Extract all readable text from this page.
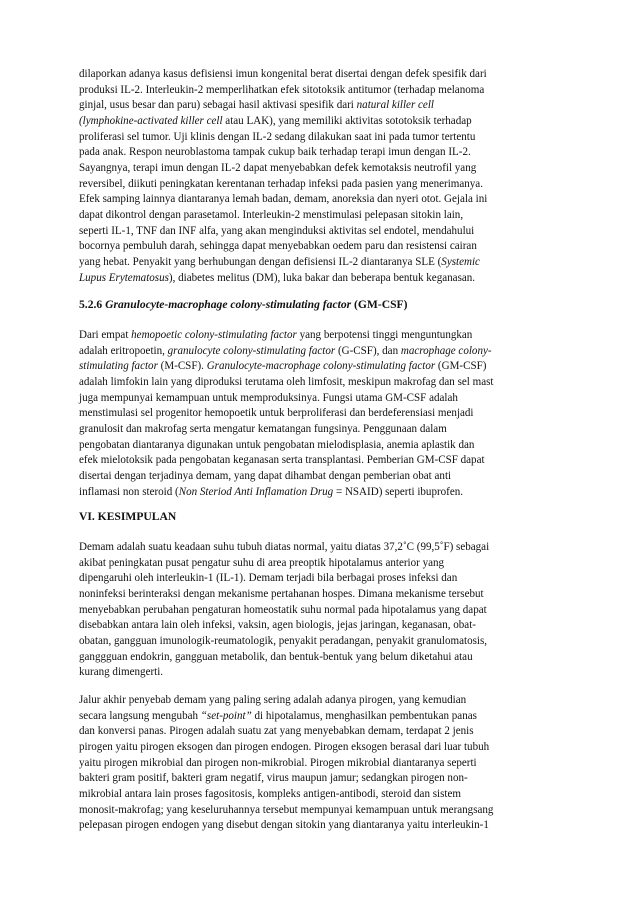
dilaporkan adanya kasus defisiensi imun kongenital berat disertai dengan defek spesifik dari
produksi IL-2. Interleukin-2 memperlihatkan efek sitotoksik antitumor (terhadap melanoma
ginjal, usus besar dan paru) sebagai hasil aktivasi spesifik dari natural killer cell
(lymphokine-activated killer cell atau LAK), yang memiliki aktivitas sototoksik terhadap
proliferasi sel tumor. Uji klinis dengan IL-2 sedang dilakukan saat ini pada tumor tertentu
pada anak. Respon neuroblastoma tampak cukup baik terhadap terapi imun dengan IL-2.
Sayangnya, terapi imun dengan IL-2 dapat menyebabkan defek kemotaksis neutrofil yang
reversibel, diikuti peningkatan kerentanan terhadap infeksi pada pasien yang menerimanya.
Efek samping lainnya diantaranya lemah badan, demam, anoreksia dan nyeri otot. Gejala ini
dapat dikontrol dengan parasetamol. Interleukin-2 menstimulasi pelepasan sitokin lain,
seperti IL-1, TNF dan INF alfa, yang akan menginduksi aktivitas sel endotel, mendahului
bocornya pembuluh darah, sehingga dapat menyebabkan oedem paru dan resistensi cairan
yang hebat. Penyakit yang berhubungan dengan defisiensi IL-2 diantaranya SLE (Systemic
Lupus Erytematosus), diabetes melitus (DM), luka bakar dan beberapa bentuk keganasan.
5.2.6 Granulocyte-macrophage colony-stimulating factor (GM-CSF)
Dari empat hemopoetic colony-stimulating factor yang berpotensi tinggi menguntungkan
adalah eritropoetin, granulocyte colony-stimulating factor (G-CSF), dan macrophage colony-
stimulating factor (M-CSF). Granulocyte-macrophage colony-stimulating factor (GM-CSF)
adalah limfokin lain yang diproduksi terutama oleh limfosit, meskipun makrofag dan sel mast
juga mempunyai kemampuan untuk memproduksinya. Fungsi utama GM-CSF adalah
menstimulasi sel progenitor hemopoetik untuk berproliferasi dan berdeferensiasi menjadi
granulosit dan makrofag serta mengatur kematangan fungsinya. Penggunaan dalam
pengobatan diantaranya digunakan untuk pengobatan mielodisplasia, anemia aplastik dan
efek mielotoksik pada pengobatan keganasan serta transplantasi. Pemberian GM-CSF dapat
disertai dengan terjadinya demam, yang dapat dihambat dengan pemberian obat anti
inflamasi non steroid (Non Steriod Anti Inflamation Drug = NSAID) seperti ibuprofen.
VI. KESIMPULAN
Demam adalah suatu keadaan suhu tubuh diatas normal, yaitu diatas 37,2˚C (99,5˚F) sebagai
akibat peningkatan pusat pengatur suhu di area preoptik hipotalamus anterior yang
dipengaruhi oleh interleukin-1 (IL-1). Demam terjadi bila berbagai proses infeksi dan
noninfeksi berinteraksi dengan mekanisme pertahanan hospes. Dimana mekanisme tersebut
menyebabkan perubahan pengaturan homeostatik suhu normal pada hipotalamus yang dapat
disebabkan antara lain oleh infeksi, vaksin, agen biologis, jejas jaringan, keganasan, obat-
obatan, gangguan imunologik-reumatologik, penyakit peradangan, penyakit granulomatosis,
ganggguan endokrin, gangguan metabolik, dan bentuk-bentuk yang belum diketahui atau
kurang dimengerti.
Jalur akhir penyebab demam yang paling sering adalah adanya pirogen, yang kemudian
secara langsung mengubah “set-point” di hipotalamus, menghasilkan pembentukan panas
dan konversi panas. Pirogen adalah suatu zat yang menyebabkan demam, terdapat 2 jenis
pirogen yaitu pirogen eksogen dan pirogen endogen. Pirogen eksogen berasal dari luar tubuh
yaitu pirogen mikrobial dan pirogen non-mikrobial. Pirogen mikrobial diantaranya seperti
bakteri gram positif, bakteri gram negatif, virus maupun jamur; sedangkan pirogen non-
mikrobial antara lain proses fagositosis, kompleks antigen-antibodi, steroid dan sistem
monosit-makrofag; yang keseluruhannya tersebut mempunyai kemampuan untuk merangsang
pelepasan pirogen endogen yang disebut dengan sitokin yang diantaranya yaitu interleukin-1
